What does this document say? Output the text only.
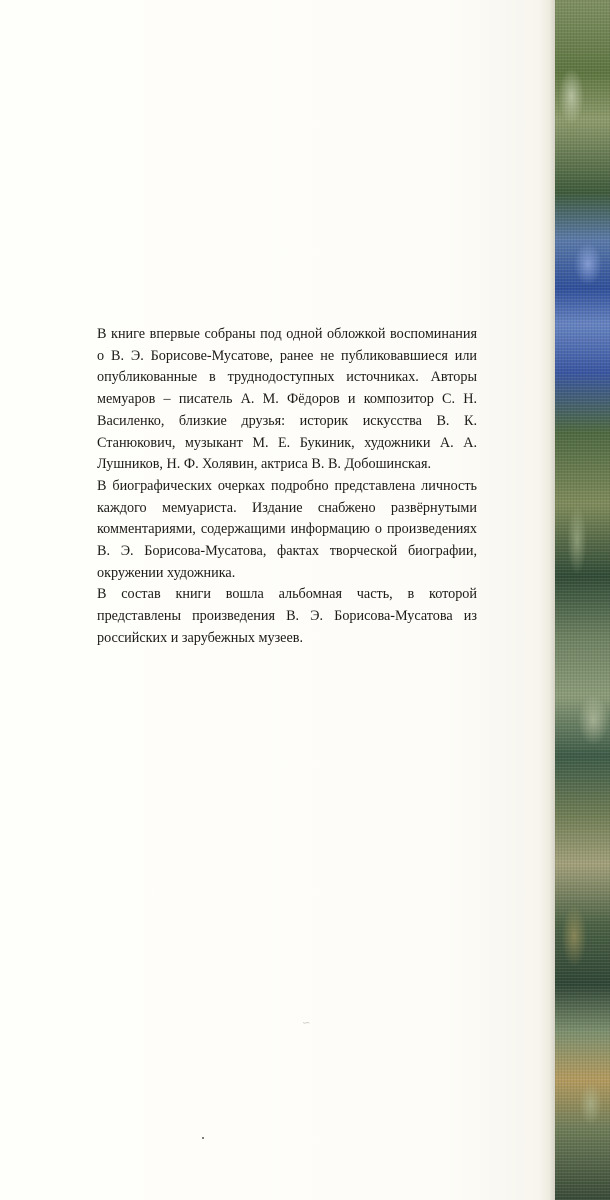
В книге впервые собраны под одной обложкой воспоминания о В. Э. Борисове-Мусатове, ранее не публиковавшиеся или опубликованные в труднодоступных источниках. Авторы мемуаров – писатель А. М. Фёдоров и композитор С. Н. Василенко, близкие друзья: историк искусства В. К. Станюкович, музыкант М. Е. Букиник, художники А. А. Лушников, Н. Ф. Холявин, актриса В. В. Добошинская.

В биографических очерках подробно представлена личность каждого мемуариста. Издание снабжено развёрнутыми комментариями, содержащими информацию о произведениях В. Э. Борисова-Мусатова, фактах творческой биографии, окружении художника.

В состав книги вошла альбомная часть, в которой представлены произведения В. Э. Борисова-Мусатова из российских и зарубежных музеев.

∽
